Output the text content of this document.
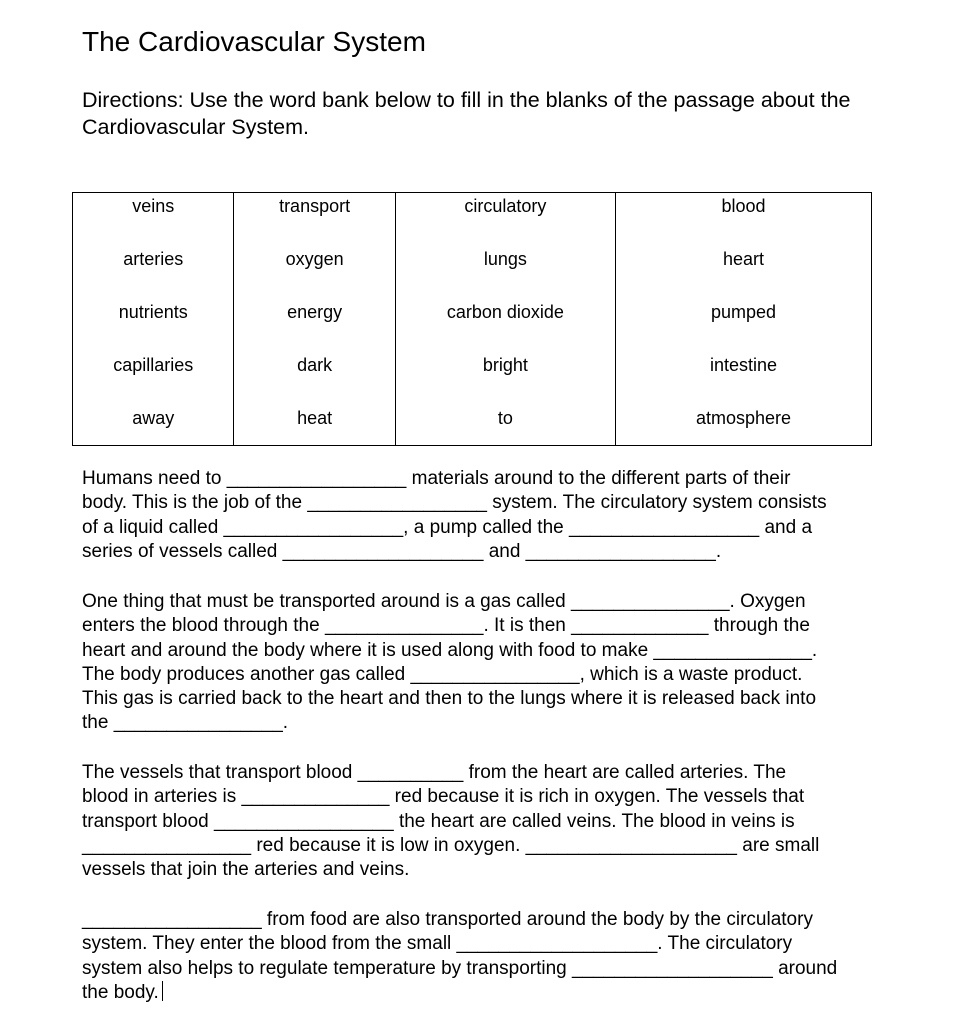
The Cardiovascular System
Directions: Use the word bank below to fill in the blanks of the passage about the Cardiovascular System.
veins	transport	circulatory	blood
arteries	oxygen	lungs	heart
nutrients	energy	carbon dioxide	pumped
capillaries	dark	bright	intestine
away	heat	to	atmosphere
Humans need to _________________ materials around to the different parts of their
body. This is the job of the _________________ system. The circulatory system consists
of a liquid called _________________, a pump called the __________________ and a
series of vessels called ___________________ and __________________.
One thing that must be transported around is a gas called _______________. Oxygen
enters the blood through the _______________. It is then _____________ through the
heart and around the body where it is used along with food to make _______________.
The body produces another gas called ________________, which is a waste product.
This gas is carried back to the heart and then to the lungs where it is released back into
the ________________.
The vessels that transport blood __________ from the heart are called arteries. The
blood in arteries is ______________ red because it is rich in oxygen. The vessels that
transport blood _________________ the heart are called veins. The blood in veins is
________________ red because it is low in oxygen. ____________________ are small
vessels that join the arteries and veins.
_________________ from food are also transported around the body by the circulatory
system. They enter the blood from the small ___________________. The circulatory
system also helps to regulate temperature by transporting ___________________ around
the body.
